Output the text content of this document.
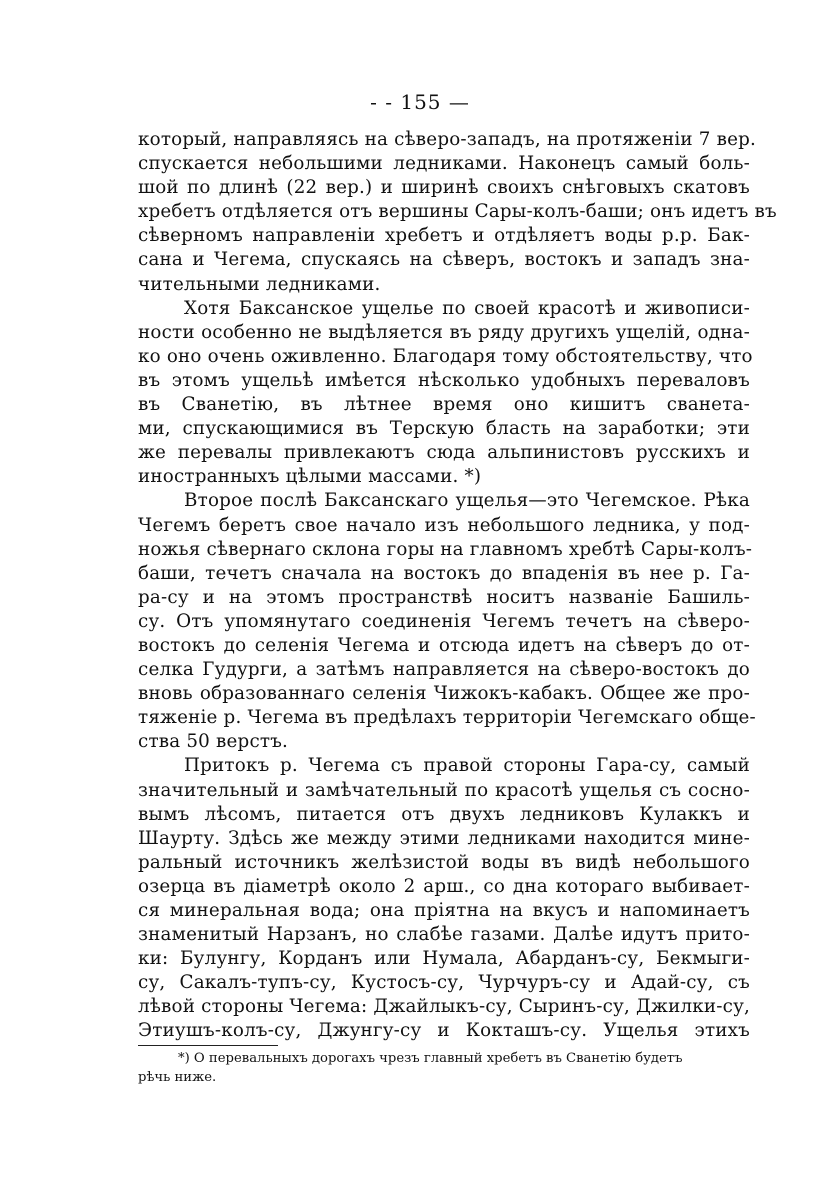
- - 155 —
который, направляясь на сѣверо-западъ, на протяженіи 7 вер.
спускается небольшими ледниками. Наконецъ самый боль-
шой по длинѣ (22 вер.) и ширинѣ своихъ снѣговыхъ скатовъ
хребетъ отдѣляется отъ вершины Сары-колъ-баши; онъ идетъ въ
сѣверномъ направленіи хребетъ и отдѣляетъ воды р.р. Бак-
сана и Чегема, спускаясь на сѣверъ, востокъ и западъ зна-
чительными ледниками.
Хотя Баксанское ущелье по своей красотѣ и живописи-
ности особенно не выдѣляется въ ряду другихъ ущелій, одна-
ко оно очень оживленно. Благодаря тому обстоятельству, что
въ этомъ ущельѣ имѣется нѣсколько удобныхъ переваловъ
въ Сванетію, въ лѣтнее время оно кишитъ сванета-
ми, спускающимися въ Терскую бласть на заработки; эти
же перевалы привлекаютъ сюда альпинистовъ русскихъ и
иностранныхъ цѣлыми массами. *)
Второе послѣ Баксанскаго ущелья—это Чегемское. Рѣка
Чегемъ беретъ свое начало изъ небольшого ледника, у под-
ножья сѣвернаго склона горы на главномъ хребтѣ Сары-колъ-
баши, течетъ сначала на востокъ до впаденія въ нее р. Га-
ра-су и на этомъ пространствѣ носитъ названіе Башиль-
су. Отъ упомянутаго соединенія Чегемъ течетъ на сѣверо-
востокъ до селенія Чегема и отсюда идетъ на сѣверъ до от-
селка Гудурги, а затѣмъ направляется на сѣверо-востокъ до
вновь образованнаго селенія Чижокъ-кабакъ. Общее же про-
тяженіе р. Чегема въ предѣлахъ территоріи Чегемскаго общe-
ства 50 верстъ.
Притокъ р. Чегема съ правой стороны Гара-су, самый
значительный и замѣчательный по красотѣ ущелья съ сосно-
вымъ лѣсомъ, питается отъ двухъ ледниковъ Кулаккъ и
Шаурту. Здѣсь же между этими ледниками находится мине-
ральный источникъ желѣзистой воды въ видѣ небольшого
озерца въ діаметрѣ около 2 арш., со дна котораго выбивает-
ся минеральная вода; она пріятна на вкусъ и напоминаетъ
знаменитый Нарзанъ, но слабѣе газами. Далѣе идутъ прито-
ки: Булунгу, Корданъ или Нумала, Абарданъ-су, Бекмыги-
су, Сакалъ-тупъ-су, Кустосъ-су, Чурчуръ-су и Адай-су, съ
лѣвой стороны Чегема: Джайлыкъ-су, Сыринъ-су, Джилки-су,
Этиушъ-колъ-су, Джунгу-су и Кокташъ-су. Ущелья этихъ
*) О перевальныхъ дорогахъ чрезъ главный хребетъ въ Сванетію будетъ
рѣчь ниже.
